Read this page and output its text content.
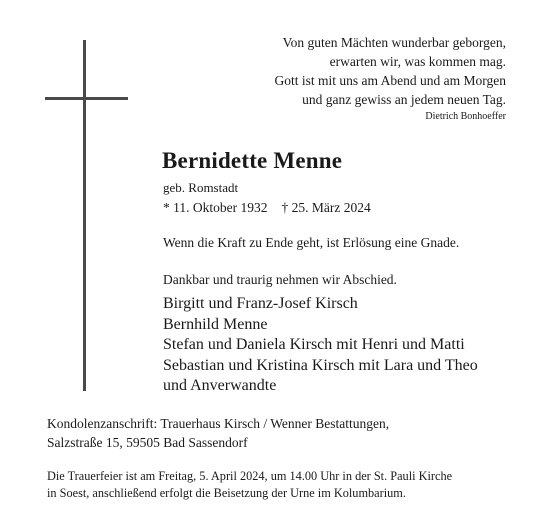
Von guten Mächten wunderbar geborgen,
erwarten wir, was kommen mag.
Gott ist mit uns am Abend und am Morgen
und ganz gewiss an jedem neuen Tag.
Dietrich Bonhoeffer
Bernidette Menne
geb. Romstadt
* 11. Oktober 1932 † 25. März 2024
Wenn die Kraft zu Ende geht, ist Erlösung eine Gnade.
Dankbar und traurig nehmen wir Abschied.
Birgitt und Franz-Josef Kirsch
Bernhild Menne
Stefan und Daniela Kirsch mit Henri und Matti
Sebastian und Kristina Kirsch mit Lara und Theo
und Anverwandte
Kondolenzanschrift: Trauerhaus Kirsch / Wenner Bestattungen,
Salzstraße 15, 59505 Bad Sassendorf
Die Trauerfeier ist am Freitag, 5. April 2024, um 14.00 Uhr in der St. Pauli Kirche
in Soest, anschließend erfolgt die Beisetzung der Urne im Kolumbarium.
